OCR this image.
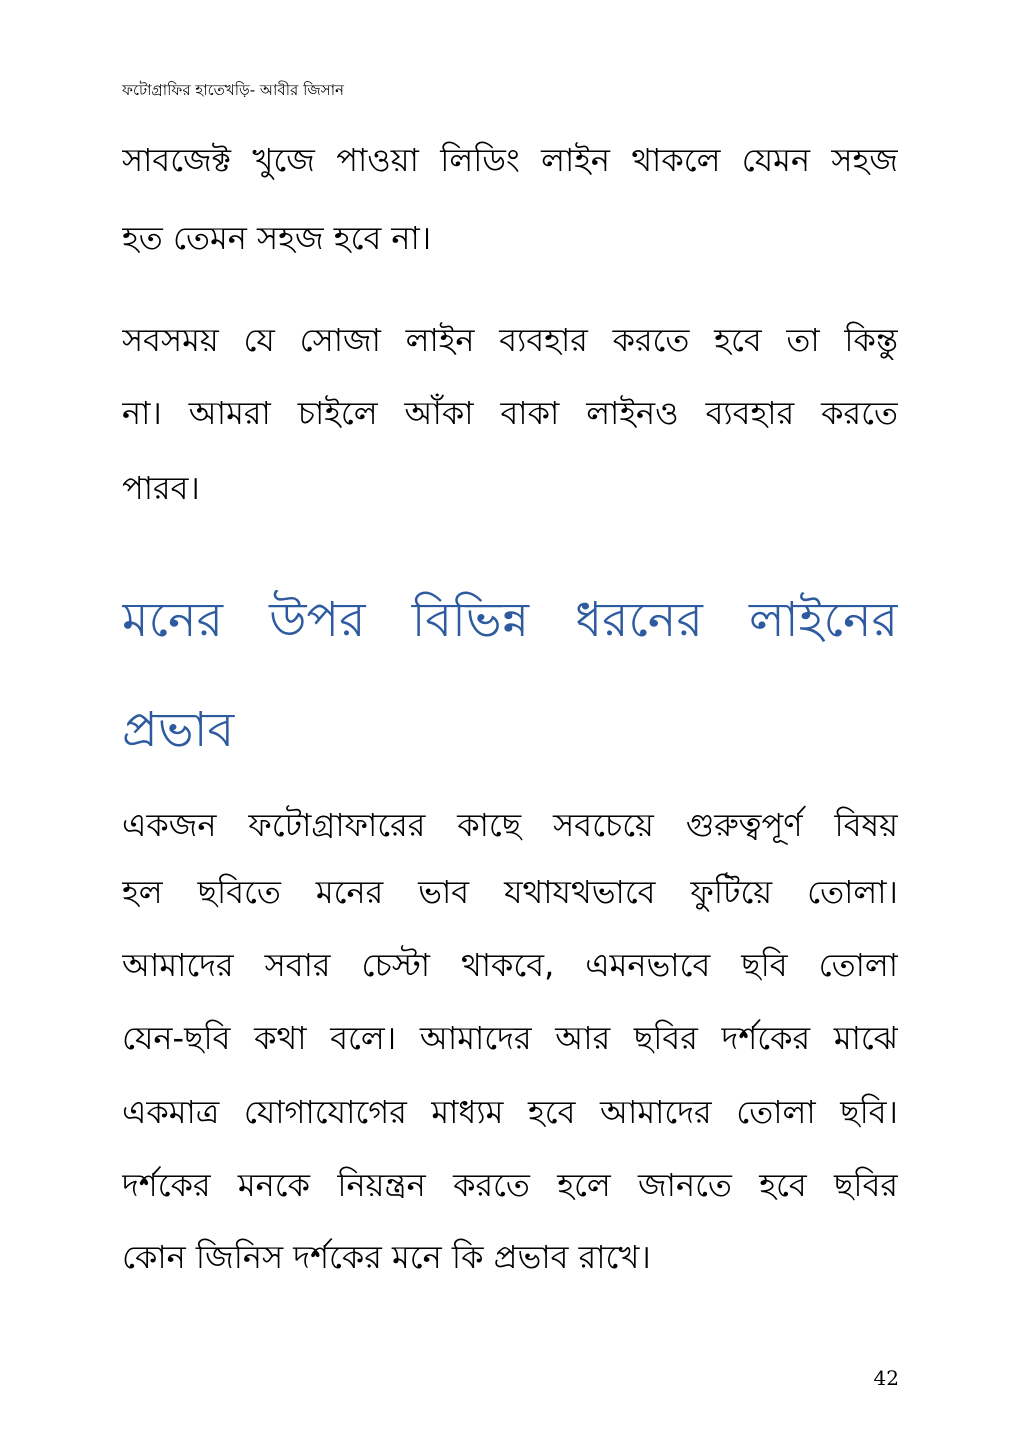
ফটোগ্রাফির হাতেখড়ি- আবীর জিসান
সাবজেক্ট খুজে পাওয়া লিডিং লাইন থাকলে যেমন সহজ
হত তেমন সহজ হবে না।
সবসময় যে সোজা লাইন ব্যবহার করতে হবে তা কিন্তু
না। আমরা চাইলে আঁকা বাকা লাইনও ব্যবহার করতে
পারব।
মনের উপর বিভিন্ন ধরনের লাইনের
প্রভাব
একজন ফটোগ্রাফারের কাছে সবচেয়ে গুরুত্বপূর্ণ বিষয়
হল ছবিতে মনের ভাব যথাযথভাবে ফুটিয়ে তোলা।
আমাদের সবার চেস্টা থাকবে, এমনভাবে ছবি তোলা
যেন-ছবি কথা বলে। আমাদের আর ছবির দর্শকের মাঝে
একমাত্র যোগাযোগের মাধ্যম হবে আমাদের তোলা ছবি।
দর্শকের মনকে নিয়ন্ত্রন করতে হলে জানতে হবে ছবির
কোন জিনিস দর্শকের মনে কি প্রভাব রাখে।
42
